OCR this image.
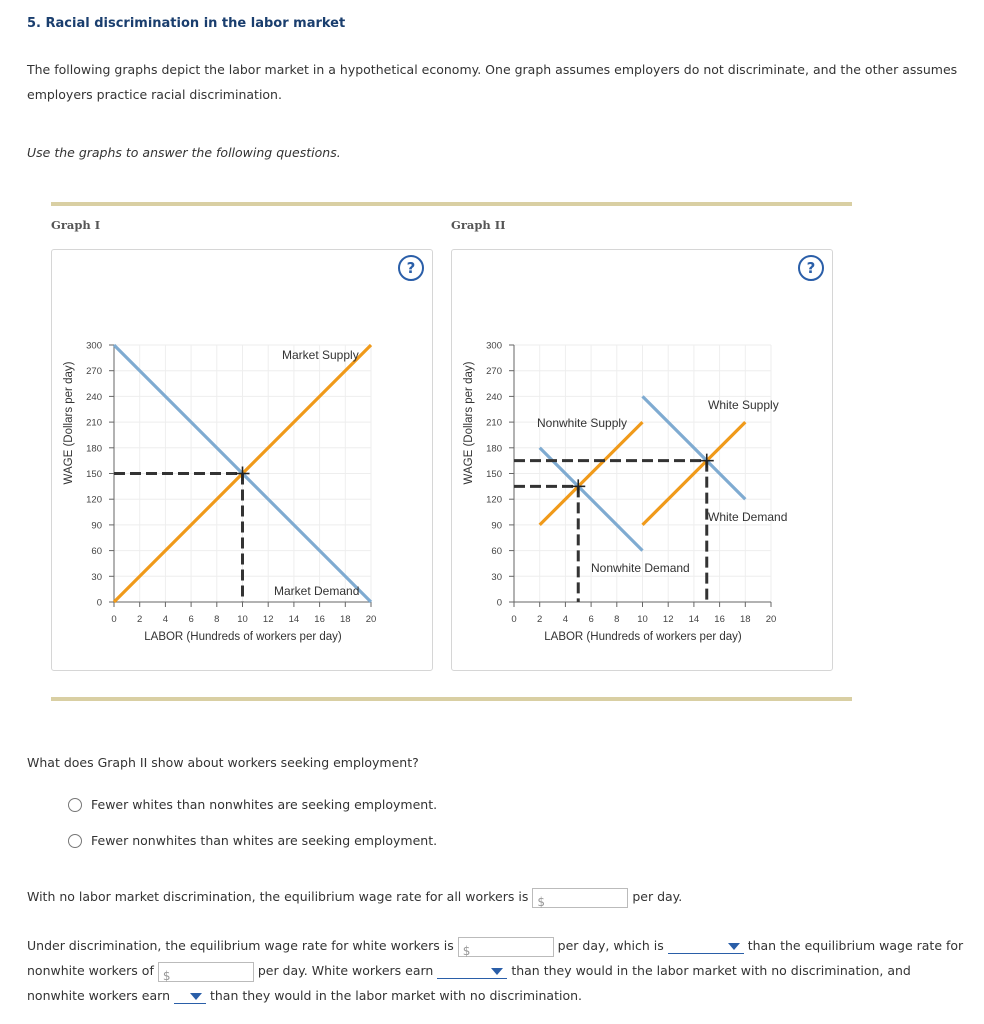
5. Racial discrimination in the labor market
The following graphs depict the labor market in a hypothetical economy. One graph assumes employers do not discriminate, and the other assumes employers practice racial discrimination.
Use the graphs to answer the following questions.
Graph I	Graph II
?
0
30
60
90
120
150
180
210
240
270
300
0 2 4 6 8 10 12 14 16 18 20
WAGE (Dollars per day)
LABOR (Hundreds of workers per day)
Market Supply
Market Demand
?
0
30
60
90
120
150
180
210
240
270
300
0 2 4 6 8 10 12 14 16 18 20
WAGE (Dollars per day)
LABOR (Hundreds of workers per day)
Nonwhite Supply
Nonwhite Demand
White Supply
White Demand
What does Graph II show about workers seeking employment?
Fewer whites than nonwhites are seeking employment.
Fewer nonwhites than whites are seeking employment.
With no labor market discrimination, the equilibrium wage rate for all workers is $	per day.
Under discrimination, the equilibrium wage rate for white workers is $	per day, which is	than the equilibrium wage rate for nonwhite workers of $	per day. White workers earn	than they would in the labor market with no discrimination, and nonwhite workers earn	than they would in the labor market with no discrimination.
